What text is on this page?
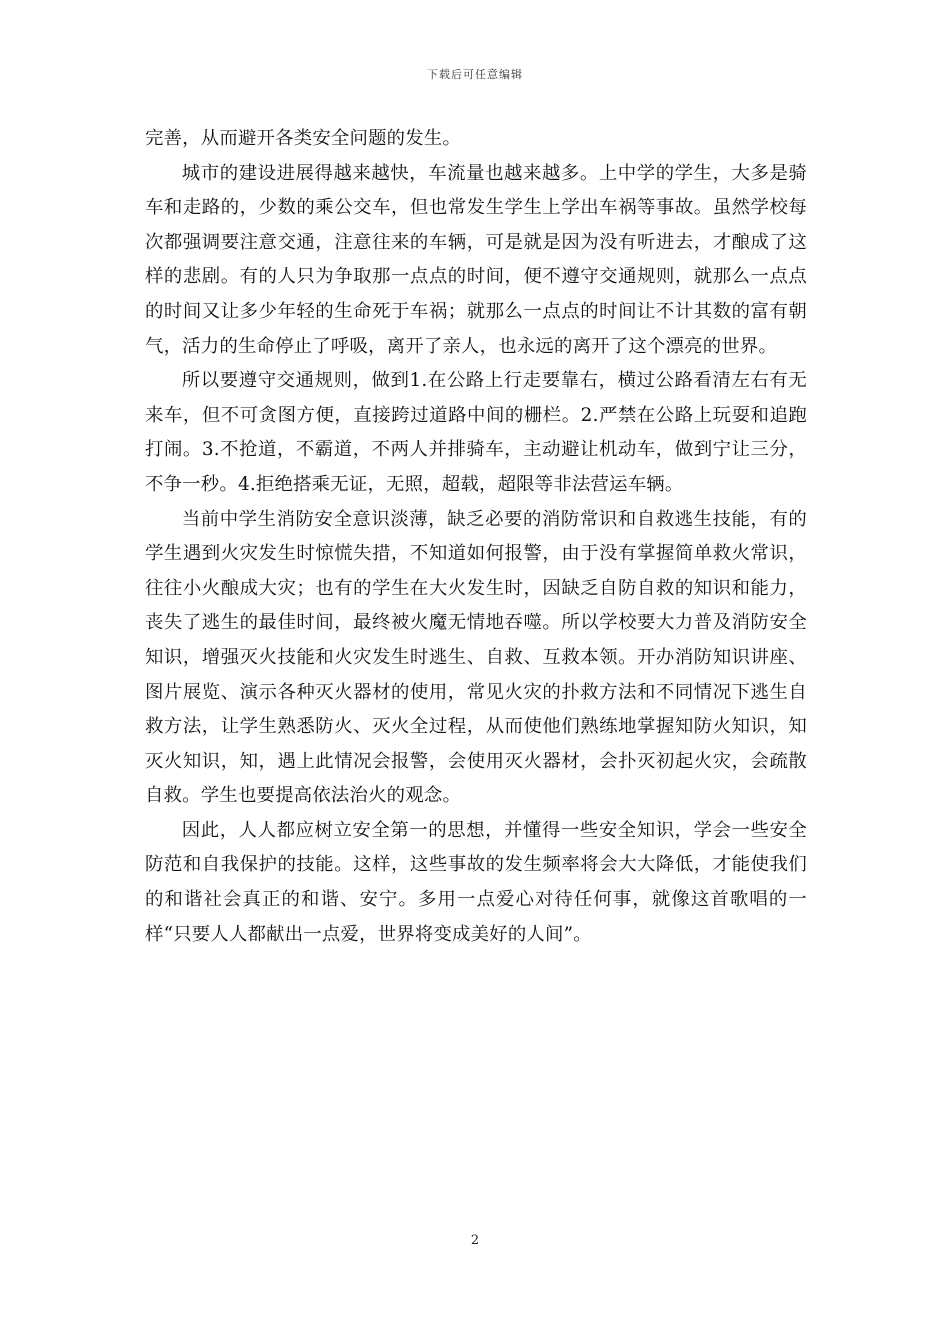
下载后可任意编辑

完善，从而避开各类安全问题的发生。

城市的建设进展得越来越快，车流量也越来越多。上中学的学生，大多是骑车和走路的，少数的乘公交车，但也常发生学生上学出车祸等事故。虽然学校每次都强调要注意交通，注意往来的车辆，可是就是因为没有听进去，才酿成了这样的悲剧。有的人只为争取那一点点的时间，便不遵守交通规则，就那么一点点的时间又让多少年轻的生命死于车祸；就那么一点点的时间让不计其数的富有朝气，活力的生命停止了呼吸，离开了亲人，也永远的离开了这个漂亮的世界。

所以要遵守交通规则，做到1.在公路上行走要靠右，横过公路看清左右有无来车，但不可贪图方便，直接跨过道路中间的栅栏。2.严禁在公路上玩耍和追跑打闹。3.不抢道，不霸道，不两人并排骑车，主动避让机动车，做到宁让三分，不争一秒。4.拒绝搭乘无证，无照，超载，超限等非法营运车辆。

当前中学生消防安全意识淡薄，缺乏必要的消防常识和自救逃生技能，有的学生遇到火灾发生时惊慌失措，不知道如何报警，由于没有掌握简单救火常识，往往小火酿成大灾；也有的学生在大火发生时，因缺乏自防自救的知识和能力，丧失了逃生的最佳时间，最终被火魔无情地吞噬。所以学校要大力普及消防安全知识，增强灭火技能和火灾发生时逃生、自救、互救本领。开办消防知识讲座、图片展览、演示各种灭火器材的使用，常见火灾的扑救方法和不同情况下逃生自救方法，让学生熟悉防火、灭火全过程，从而使他们熟练地掌握知防火知识，知灭火知识，知，遇上此情况会报警，会使用灭火器材，会扑灭初起火灾，会疏散自救。学生也要提高依法治火的观念。

因此，人人都应树立安全第一的思想，并懂得一些安全知识，学会一些安全防范和自我保护的技能。这样，这些事故的发生频率将会大大降低，才能使我们的和谐社会真正的和谐、安宁。多用一点爱心对待任何事，就像这首歌唱的一样“只要人人都献出一点爱，世界将变成美好的人间”。

2
